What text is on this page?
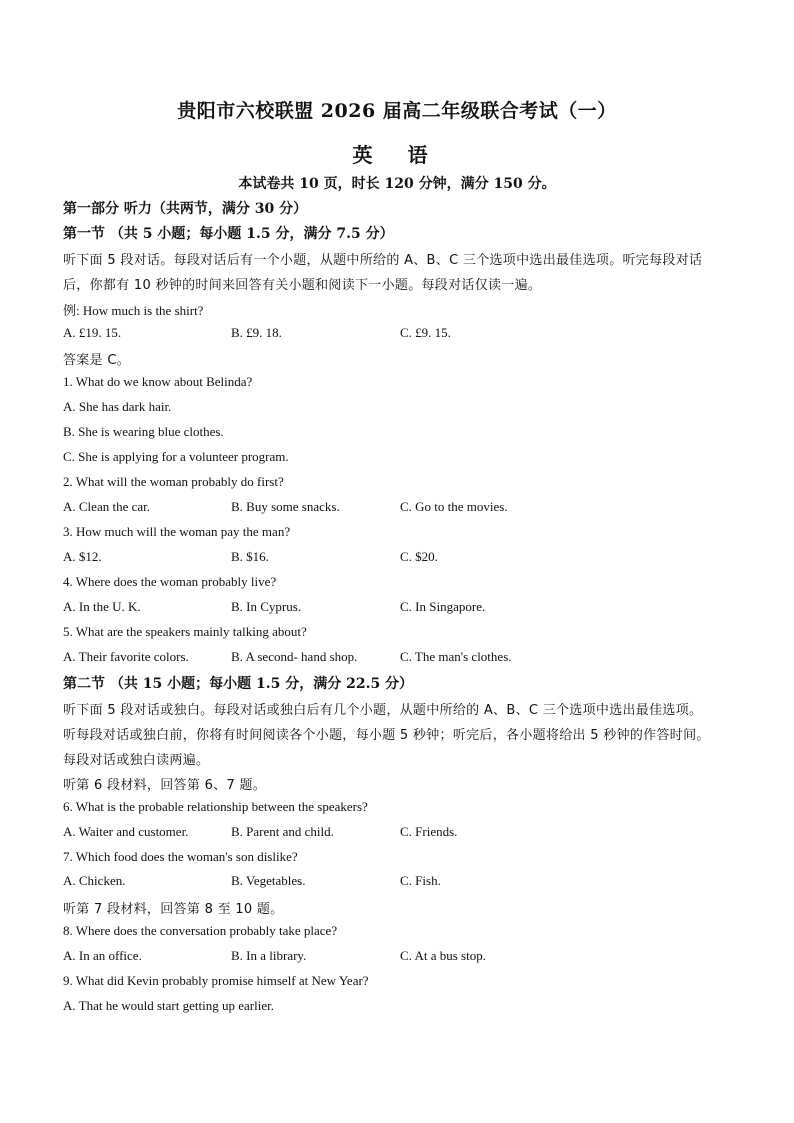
贵阳市六校联盟 2026 届高二年级联合考试（一）
英 语
本试卷共 10 页，时长 120 分钟，满分 150 分。
第一部分 听力（共两节，满分 30 分）
第一节 （共 5 小题；每小题 1.5 分，满分 7.5 分）
听下面 5 段对话。每段对话后有一个小题，从题中所给的 A、B、C 三个选项中选出最佳选项。听完每段对话
后，你都有 10 秒钟的时间来回答有关小题和阅读下一小题。每段对话仅读一遍。
例: How much is the shirt?
A. £19. 15.	B. £9. 18.	C. £9. 15.
答案是 C。
1. What do we know about Belinda?
A. She has dark hair.
B. She is wearing blue clothes.
C. She is applying for a volunteer program.
2. What will the woman probably do first?
A. Clean the car.	B. Buy some snacks.	C. Go to the movies.
3. How much will the woman pay the man?
A. $12.	B. $16.	C. $20.
4. Where does the woman probably live?
A. In the U. K.	B. In Cyprus.	C. In Singapore.
5. What are the speakers mainly talking about?
A. Their favorite colors.	B. A second- hand shop.	C. The man's clothes.
第二节 （共 15 小题；每小题 1.5 分，满分 22.5 分）
听下面 5 段对话或独白。每段对话或独白后有几个小题，从题中所给的 A、B、C 三个选项中选出最佳选项。
听每段对话或独白前，你将有时间阅读各个小题，每小题 5 秒钟；听完后，各小题将给出 5 秒钟的作答时间。
每段对话或独白读两遍。
听第 6 段材料，回答第 6、7 题。
6. What is the probable relationship between the speakers?
A. Waiter and customer.	B. Parent and child.	C. Friends.
7. Which food does the woman's son dislike?
A. Chicken.	B. Vegetables.	C. Fish.
听第 7 段材料，回答第 8 至 10 题。
8. Where does the conversation probably take place?
A. In an office.	B. In a library.	C. At a bus stop.
9. What did Kevin probably promise himself at New Year?
A. That he would start getting up earlier.
